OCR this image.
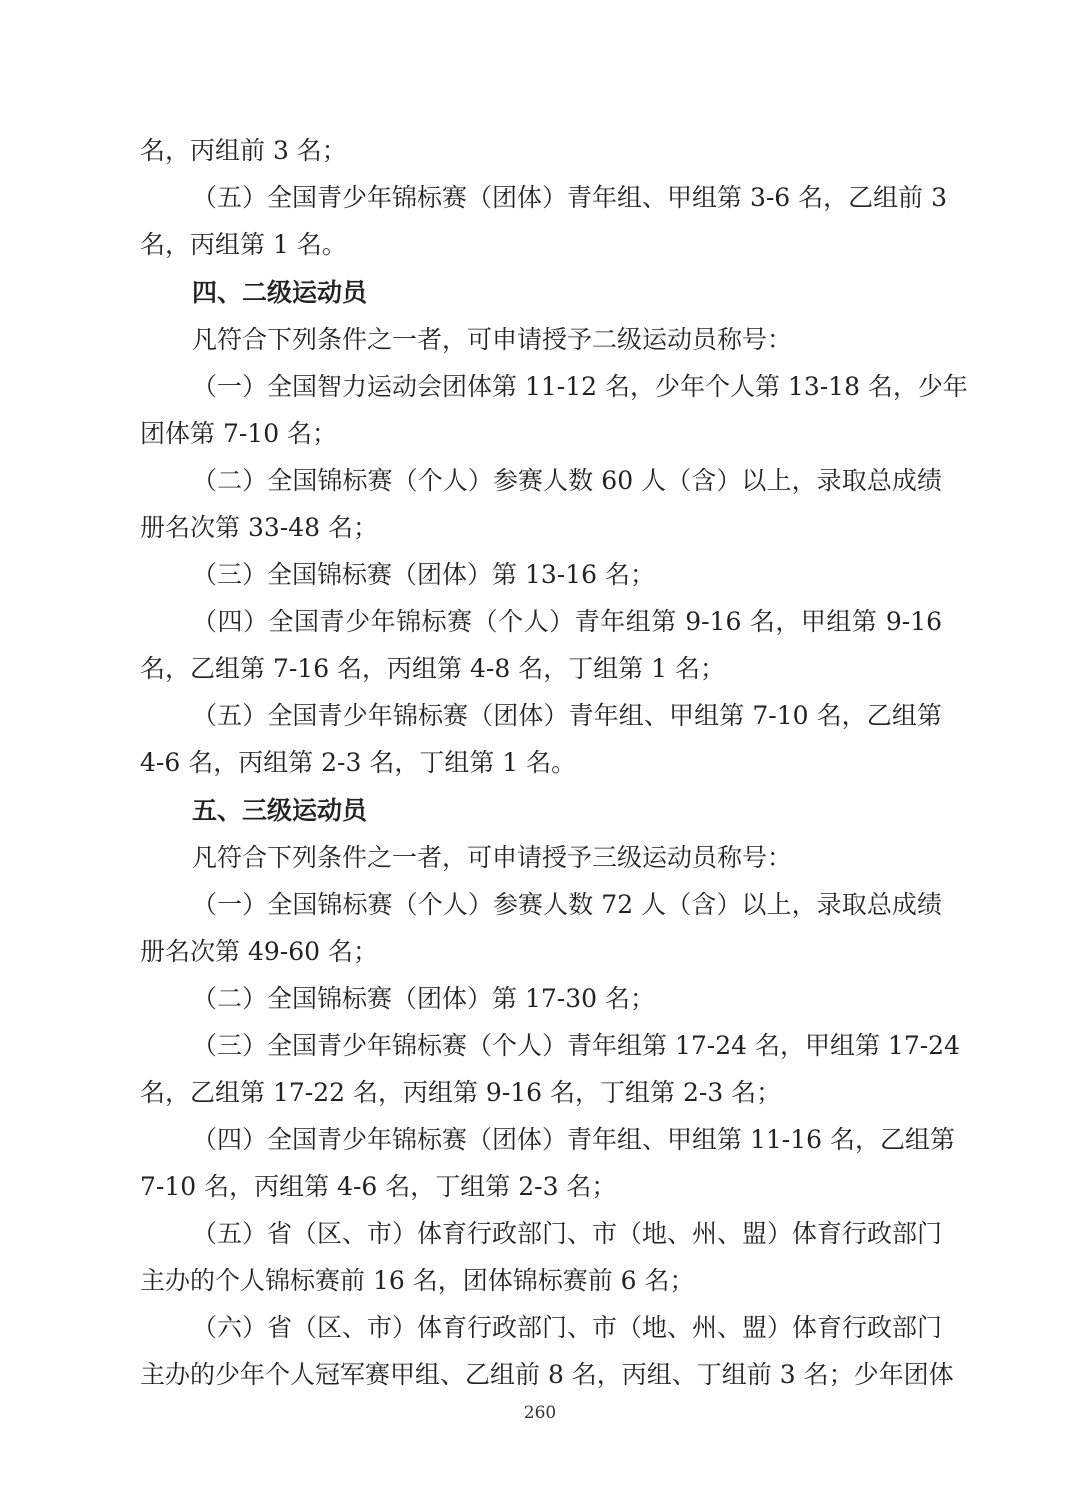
名，丙组前 3 名；
（五）全国青少年锦标赛（团体）青年组、甲组第 3-6 名，乙组前 3
名，丙组第 1 名。
四、二级运动员
凡符合下列条件之一者，可申请授予二级运动员称号：
（一）全国智力运动会团体第 11-12 名，少年个人第 13-18 名，少年
团体第 7-10 名；
（二）全国锦标赛（个人）参赛人数 60 人（含）以上，录取总成绩
册名次第 33-48 名；
（三）全国锦标赛（团体）第 13-16 名；
（四）全国青少年锦标赛（个人）青年组第 9-16 名，甲组第 9-16
名，乙组第 7-16 名，丙组第 4-8 名，丁组第 1 名；
（五）全国青少年锦标赛（团体）青年组、甲组第 7-10 名，乙组第
4-6 名，丙组第 2-3 名，丁组第 1 名。
五、三级运动员
凡符合下列条件之一者，可申请授予三级运动员称号：
（一）全国锦标赛（个人）参赛人数 72 人（含）以上，录取总成绩
册名次第 49-60 名；
（二）全国锦标赛（团体）第 17-30 名；
（三）全国青少年锦标赛（个人）青年组第 17-24 名，甲组第 17-24
名，乙组第 17-22 名，丙组第 9-16 名，丁组第 2-3 名；
（四）全国青少年锦标赛（团体）青年组、甲组第 11-16 名，乙组第
7-10 名，丙组第 4-6 名，丁组第 2-3 名；
（五）省（区、市）体育行政部门、市（地、州、盟）体育行政部门
主办的个人锦标赛前 16 名，团体锦标赛前 6 名；
（六）省（区、市）体育行政部门、市（地、州、盟）体育行政部门
主办的少年个人冠军赛甲组、乙组前 8 名，丙组、丁组前 3 名；少年团体
260
